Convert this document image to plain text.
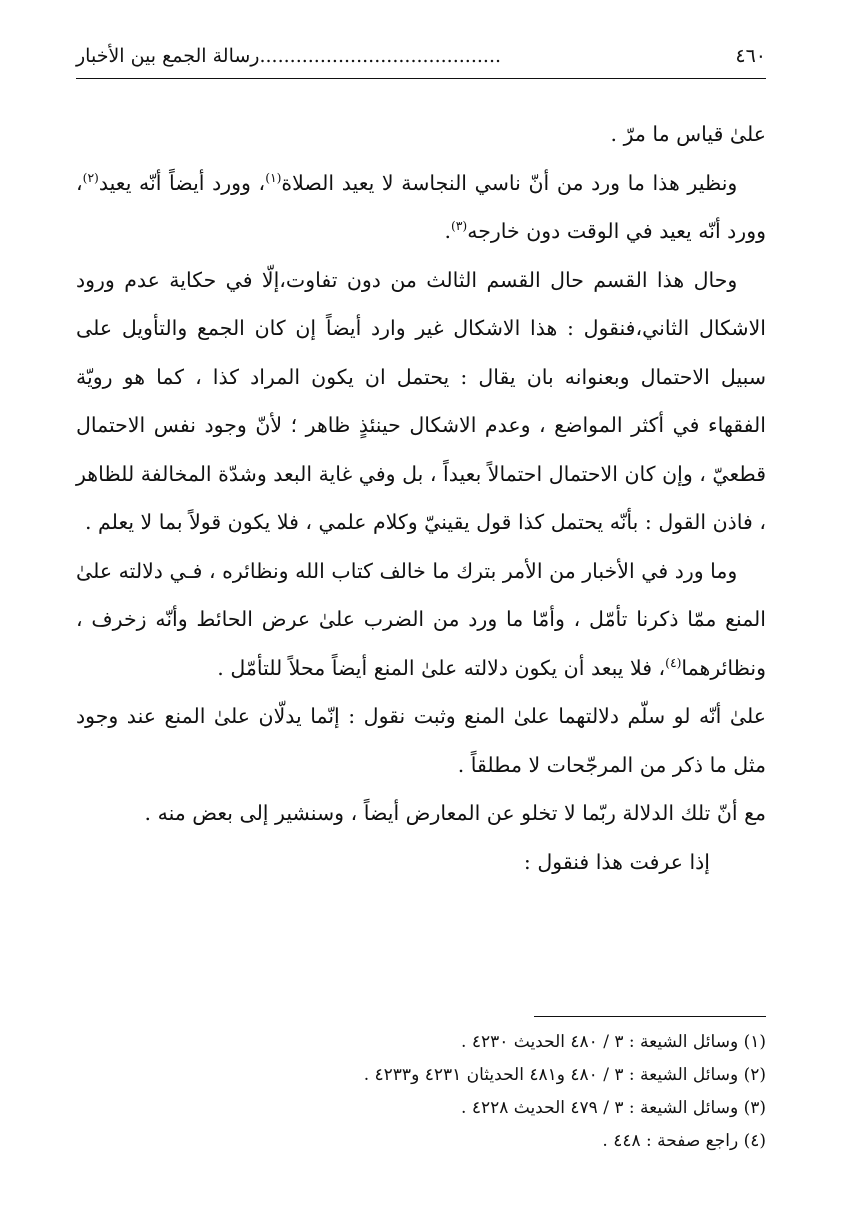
٤٦٠
........................................رسالة الجمع بين الأخبار

علىٰ قياس ما مرّ .

ونظير هذا ما ورد من أنّ ناسي النجاسة لا يعيد الصلاة$^{(١)}$، وورد أيضاً أنّه يعيد$^{(٢)}$، وورد أنّه يعيد في الوقت دون خارجه$^{(٣)}$.

وحال هذا القسم حال القسم الثالث من دون تفاوت،إلّا في حكاية عدم ورود الاشكال الثاني،فنقول : هذا الاشكال غير وارد أيضاً إن كان الجمع والتأويل على سبيل الاحتمال وبعنوانه بان يقال : يحتمل ان يكون المراد كذا ، كما هو رويّة الفقهاء في أكثر المواضع ، وعدم الاشكال حينئذٍ ظاهر ؛ لأنّ وجود نفس الاحتمال قطعيّ ، وإن كان الاحتمال احتمالاً بعيداً ، بل وفي غاية البعد وشدّة المخالفة للظاهر ، فاذن القول : بأنّه يحتمل كذا قول يقينيّ وكلام علمي ، فلا يكون قولاً بما لا يعلم .

وما ورد في الأخبار من الأمر بترك ما خالف كتاب الله ونظائره ، فـي دلالته علىٰ المنع ممّا ذكرنا تأمّل ، وأمّا ما ورد من الضرب علىٰ عرض الحائط وأنّه زخرف ، ونظائرهما$^{(٤)}$، فلا يبعد أن يكون دلالته علىٰ المنع أيضاً محلاً للتأمّل .

علىٰ أنّه لو سلّم دلالتهما علىٰ المنع وثبت نقول : إنّما يدلّان علىٰ المنع عند وجود مثل ما ذكر من المرجّحات لا مطلقاً .

مع أنّ تلك الدلالة ربّما لا تخلو عن المعارض أيضاً ، وسنشير إلى بعض منه .

إذا عرفت هذا فنقول :

(١) وسائل الشيعة : ٣ / ٤٨٠ الحديث ٤٢٣٠ .

(٢) وسائل الشيعة : ٣ / ٤٨٠ و٤٨١ الحديثان ٤٢٣١ و٤٢٣٣ .

(٣) وسائل الشيعة : ٣ / ٤٧٩ الحديث ٤٢٢٨ .

(٤) راجع صفحة : ٤٤٨ .
